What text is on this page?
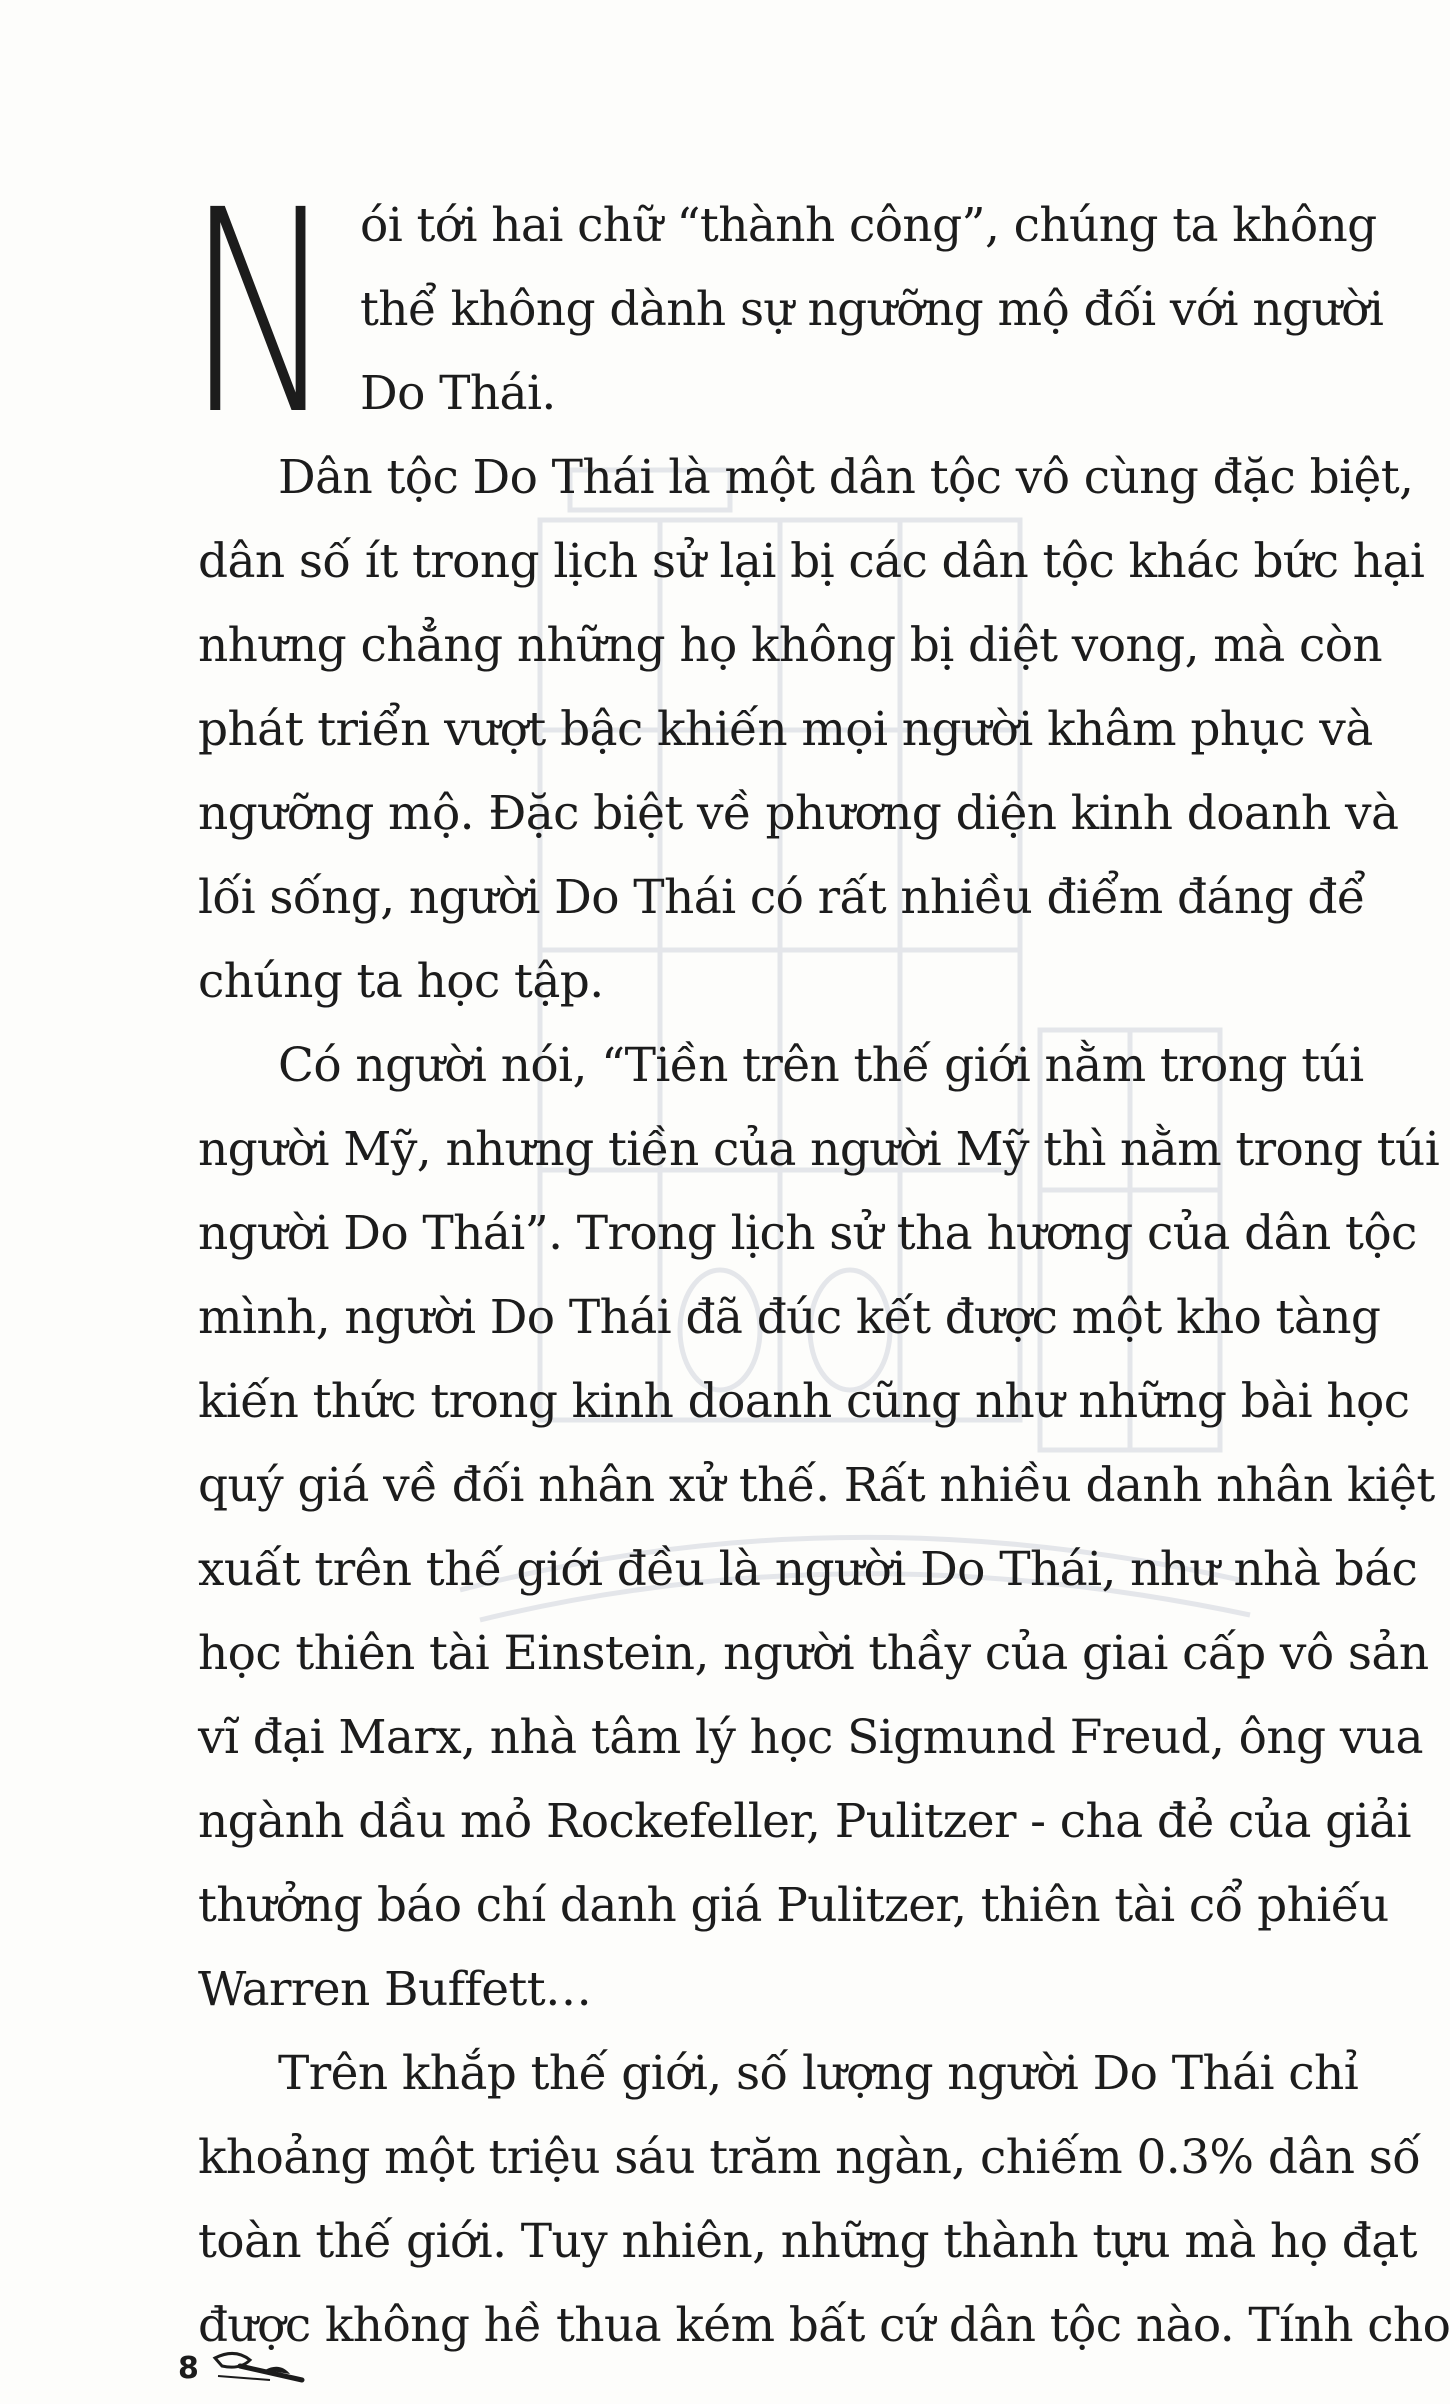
N ói tới hai chữ “thành công”, chúng ta không
thể không dành sự ngưỡng mộ đối với người
Do Thái.
Dân tộc Do Thái là một dân tộc vô cùng đặc biệt,
dân số ít trong lịch sử lại bị các dân tộc khác bức hại
nhưng chẳng những họ không bị diệt vong, mà còn
phát triển vượt bậc khiến mọi người khâm phục và
ngưỡng mộ. Đặc biệt về phương diện kinh doanh và
lối sống, người Do Thái có rất nhiều điểm đáng để
chúng ta học tập.
Có người nói, “Tiền trên thế giới nằm trong túi
người Mỹ, nhưng tiền của người Mỹ thì nằm trong túi
người Do Thái”. Trong lịch sử tha hương của dân tộc
mình, người Do Thái đã đúc kết được một kho tàng
kiến thức trong kinh doanh cũng như những bài học
quý giá về đối nhân xử thế. Rất nhiều danh nhân kiệt
xuất trên thế giới đều là người Do Thái, như nhà bác
học thiên tài Einstein, người thầy của giai cấp vô sản
vĩ đại Marx, nhà tâm lý học Sigmund Freud, ông vua
ngành dầu mỏ Rockefeller, Pulitzer - cha đẻ của giải
thưởng báo chí danh giá Pulitzer, thiên tài cổ phiếu
Warren Buffett…
Trên khắp thế giới, số lượng người Do Thái chỉ
khoảng một triệu sáu trăm ngàn, chiếm 0.3% dân số
toàn thế giới. Tuy nhiên, những thành tựu mà họ đạt
được không hề thua kém bất cứ dân tộc nào. Tính cho
8
